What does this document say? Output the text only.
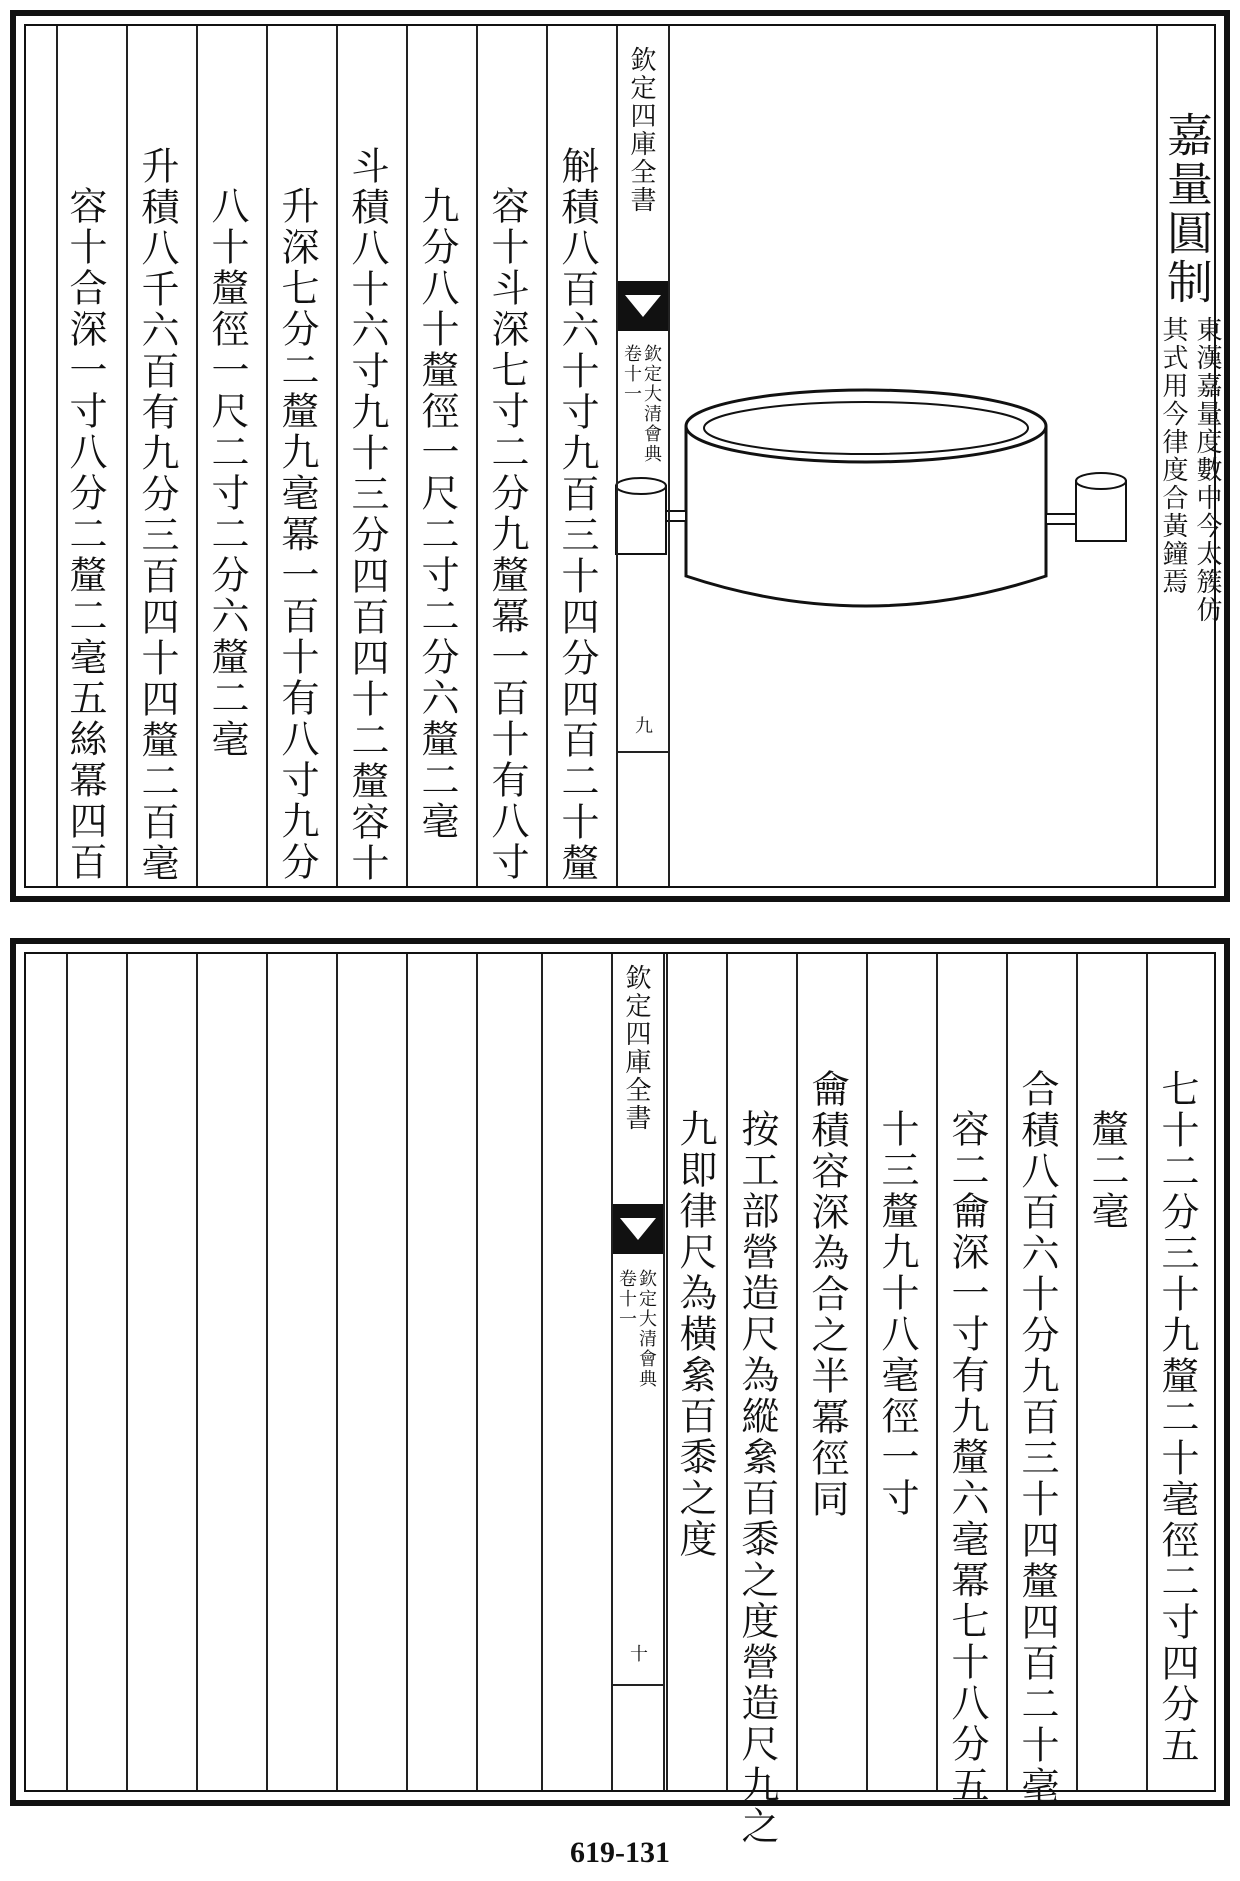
嘉量圓制
東漢嘉量度數中今太簇仿
其式用今律度合黃鐘焉
欽定四庫全書
欽定大清會典
卷十一
九
斛積八百六十寸九百三十四分四百二十釐
容十斗深七寸二分九釐冪一百十有八寸
九分八十釐徑一尺二寸二分六釐二毫
斗積八十六寸九十三分四百四十二釐容十
升深七分二釐九毫冪一百十有八寸九分
八十釐徑一尺二寸二分六釐二毫
升積八千六百有九分三百四十四釐二百毫
容十合深一寸八分二釐二毫五絲冪四百
七十二分三十九釐二十毫徑二寸四分五
釐二毫
合積八百六十分九百三十四釐四百二十毫
容二龠深一寸有九釐六毫冪七十八分五
十三釐九十八毫徑一寸
龠積容深為合之半冪徑同
按工部營造尺為縱絫百黍之度營造尺九之
九即律尺為橫絫百黍之度
欽定四庫全書
欽定大清會典
卷十一
十
619-131
